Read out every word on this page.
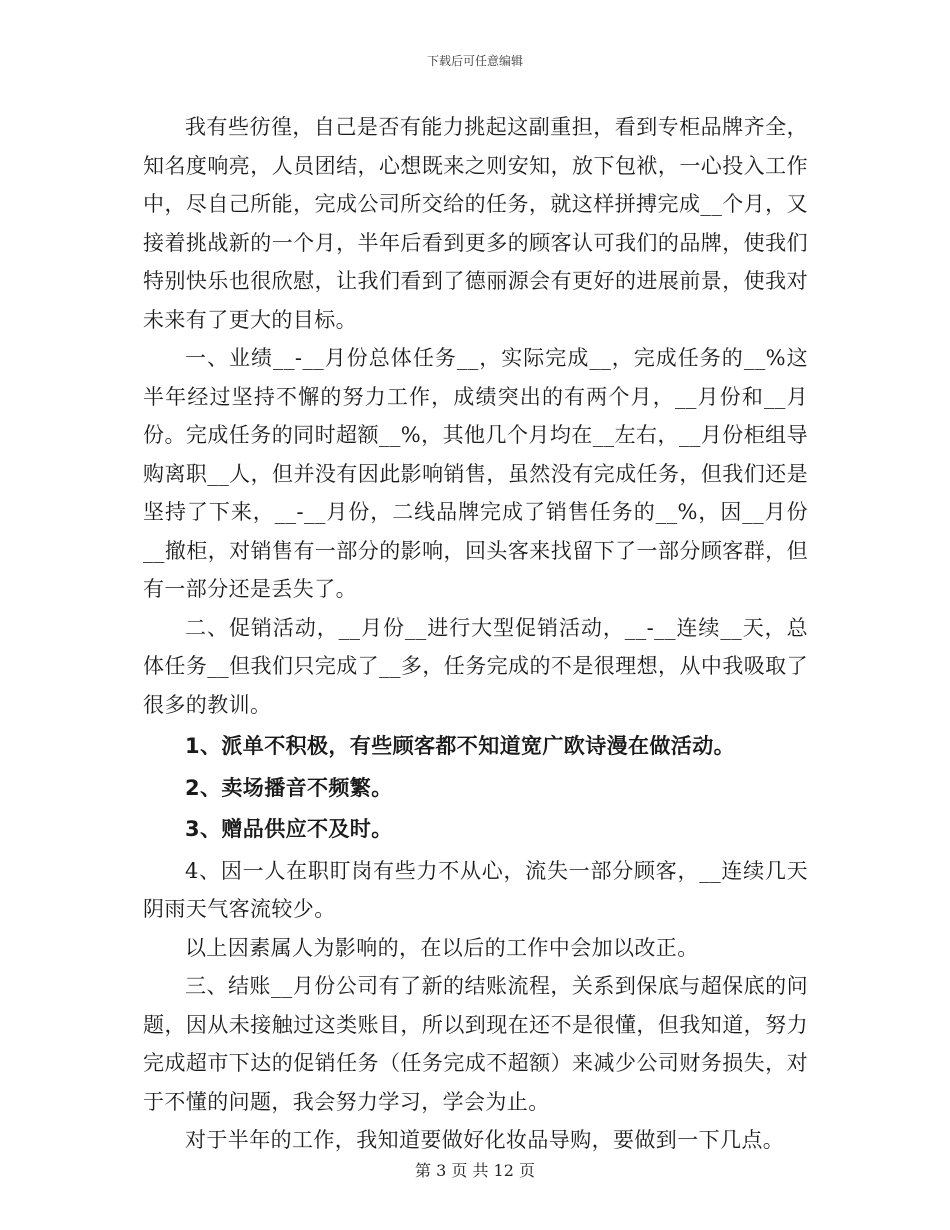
下载后可任意编辑

我有些彷徨，自己是否有能力挑起这副重担，看到专柜品牌齐全，知名度响亮，人员团结，心想既来之则安知，放下包袱，一心投入工作中，尽自己所能，完成公司所交给的任务，就这样拼搏完成__个月，又接着挑战新的一个月，半年后看到更多的顾客认可我们的品牌，使我们特别快乐也很欣慰，让我们看到了德丽源会有更好的进展前景，使我对未来有了更大的目标。

一、业绩__-__月份总体任务__，实际完成__，完成任务的__%这半年经过坚持不懈的努力工作，成绩突出的有两个月，__月份和__月份。完成任务的同时超额__%，其他几个月均在__左右，__月份柜组导购离职__人，但并没有因此影响销售，虽然没有完成任务，但我们还是坚持了下来，__-__月份，二线品牌完成了销售任务的__%，因__月份__撤柜，对销售有一部分的影响，回头客来找留下了一部分顾客群，但有一部分还是丢失了。

二、促销活动，__月份__进行大型促销活动，__-__连续__天，总体任务__但我们只完成了__多，任务完成的不是很理想，从中我吸取了很多的教训。

1、派单不积极，有些顾客都不知道宽广欧诗漫在做活动。

2、卖场播音不频繁。

3、赠品供应不及时。

4、因一人在职盯岗有些力不从心，流失一部分顾客，__连续几天阴雨天气客流较少。

以上因素属人为影响的，在以后的工作中会加以改正。

三、结账__月份公司有了新的结账流程，关系到保底与超保底的问题，因从未接触过这类账目，所以到现在还不是很懂，但我知道，努力完成超市下达的促销任务（任务完成不超额）来减少公司财务损失，对于不懂的问题，我会努力学习，学会为止。

对于半年的工作，我知道要做好化妆品导购，要做到一下几点。

第 3 页 共 12 页
